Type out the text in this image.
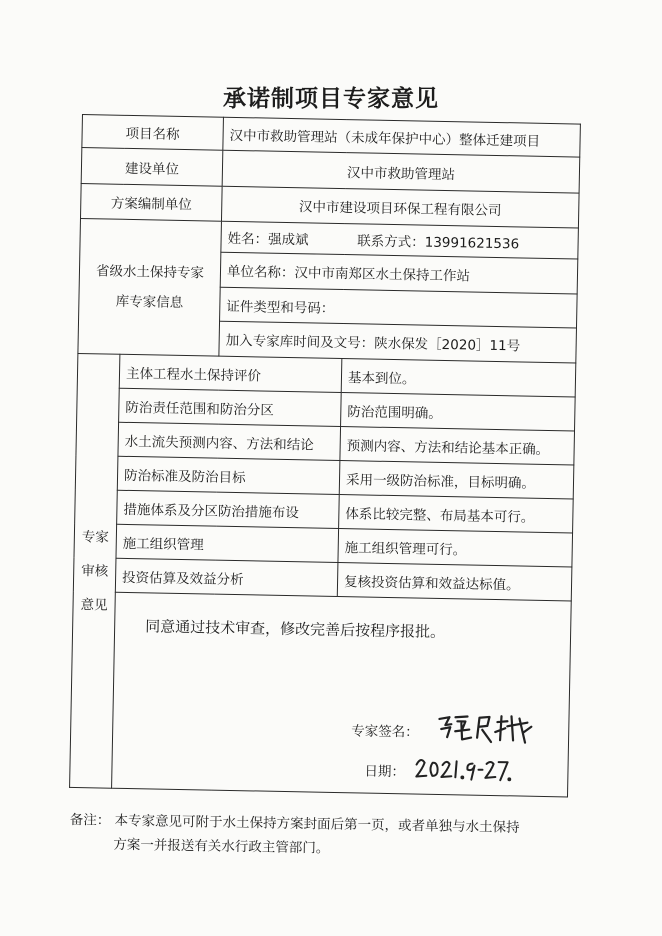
承诺制项目专家意见
项目名称		汉中市救助管理站（未成年保护中心）整体迁建项目	
建设单位		汉中市救助管理站	
方案编制单位		汉中市建设项目环保工程有限公司	
省级水土保持专家
库专家信息		姓名：强成斌 联系方式：13991621536	
		单位名称：汉中市南郑区水土保持工作站	
		证件类型和号码：	
		加入专家库时间及文号：陕水保发［2020］11号	

专家
审核
意见	主体工程水土保持评价		基本到位。
	防治责任范围和防治分区		防治范围明确。
	水土流失预测内容、方法和结论		预测内容、方法和结论基本正确。
	防治标准及防治目标		采用一级防治标准，目标明确。
	措施体系及分区防治措施布设		体系比较完整、布局基本可行。
	施工组织管理		施工组织管理可行。
	投资估算及效益分析		复核投资估算和效益达标值。

	同意通过技术审查，修改完善后按程序报批。
专家签名：
日期：		
备注： 本专家意见可附于水土保持方案封面后第一页，或者单独与水土保持
方案一并报送有关水行政主管部门。
